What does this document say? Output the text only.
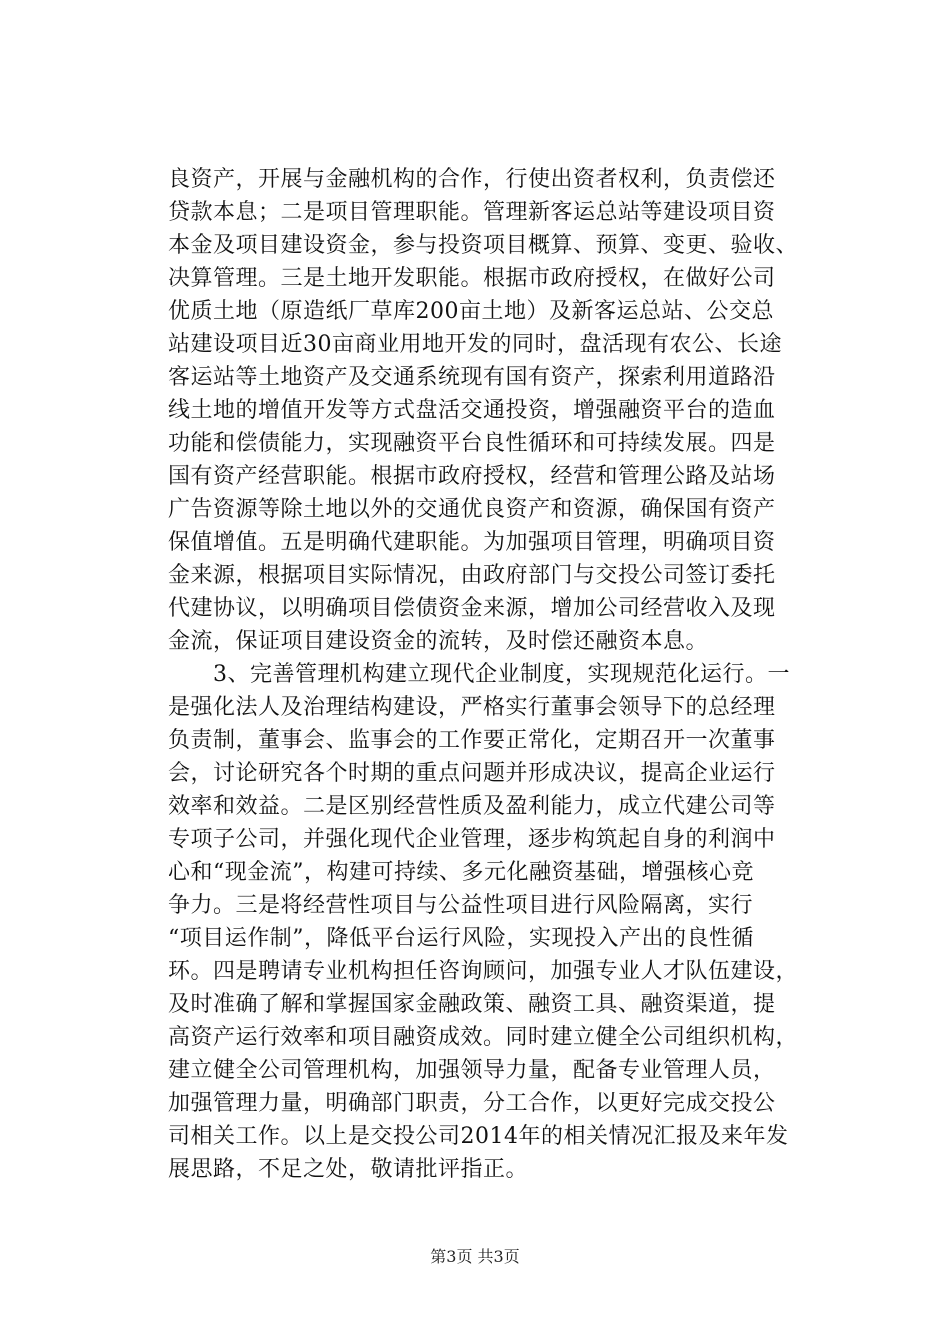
良资产，开展与金融机构的合作，行使出资者权利，负责偿还
贷款本息；二是项目管理职能。管理新客运总站等建设项目资
本金及项目建设资金，参与投资项目概算、预算、变更、验收、
决算管理。三是土地开发职能。根据市政府授权，在做好公司
优质土地（原造纸厂草库200亩土地）及新客运总站、公交总
站建设项目近30亩商业用地开发的同时，盘活现有农公、长途
客运站等土地资产及交通系统现有国有资产，探索利用道路沿
线土地的增值开发等方式盘活交通投资，增强融资平台的造血
功能和偿债能力，实现融资平台良性循环和可持续发展。四是
国有资产经营职能。根据市政府授权，经营和管理公路及站场
广告资源等除土地以外的交通优良资产和资源，确保国有资产
保值增值。五是明确代建职能。为加强项目管理，明确项目资
金来源，根据项目实际情况，由政府部门与交投公司签订委托
代建协议，以明确项目偿债资金来源，增加公司经营收入及现
金流，保证项目建设资金的流转，及时偿还融资本息。
3、完善管理机构建立现代企业制度，实现规范化运行。一
是强化法人及治理结构建设，严格实行董事会领导下的总经理
负责制，董事会、监事会的工作要正常化，定期召开一次董事
会，讨论研究各个时期的重点问题并形成决议，提高企业运行
效率和效益。二是区别经营性质及盈利能力，成立代建公司等
专项子公司，并强化现代企业管理，逐步构筑起自身的利润中
心和“现金流”，构建可持续、多元化融资基础，增强核心竞
争力。三是将经营性项目与公益性项目进行风险隔离，实行
“项目运作制”，降低平台运行风险，实现投入产出的良性循
环。四是聘请专业机构担任咨询顾问，加强专业人才队伍建设，
及时准确了解和掌握国家金融政策、融资工具、融资渠道，提
高资产运行效率和项目融资成效。同时建立健全公司组织机构，
建立健全公司管理机构，加强领导力量，配备专业管理人员，
加强管理力量，明确部门职责，分工合作，以更好完成交投公
司相关工作。以上是交投公司2014年的相关情况汇报及来年发
展思路，不足之处，敬请批评指正。
第3页 共3页
